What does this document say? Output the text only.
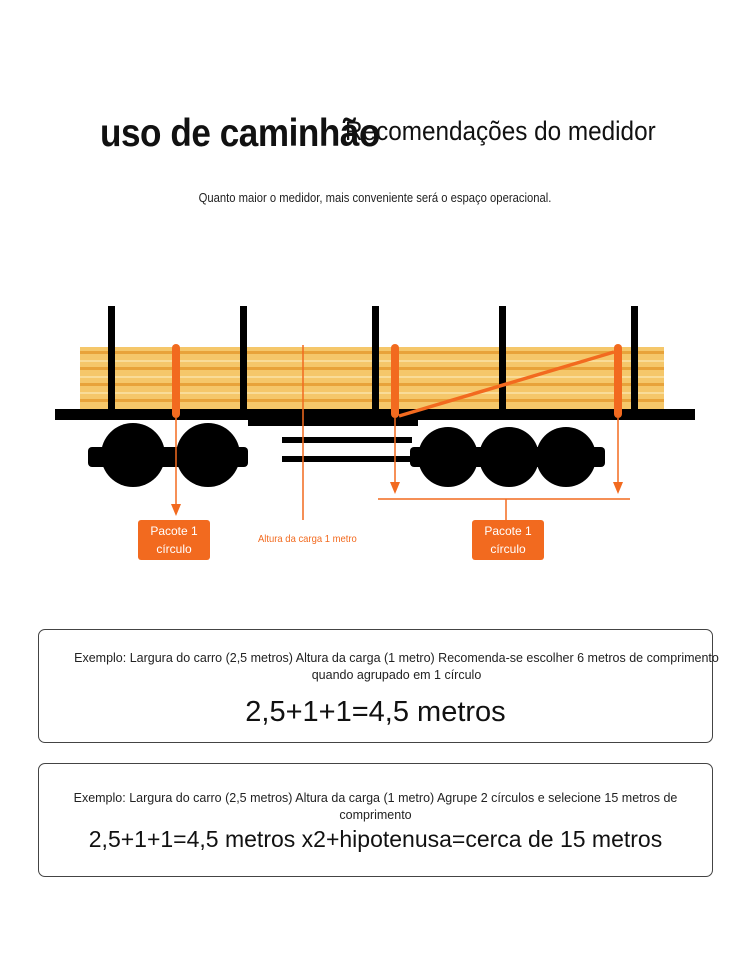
uso de caminhão
Recomendações do medidor
Quanto maior o medidor, mais conveniente será o espaço operacional.
Pacote 1 círculo
Altura da carga 1 metro
Pacote 1 círculo
Exemplo: Largura do carro (2,5 metros) Altura da carga (1 metro) Recomenda-se escolher 6 metros de comprimento quando agrupado em 1 círculo
2,5+1+1=4,5 metros
Exemplo: Largura do carro (2,5 metros) Altura da carga (1 metro) Agrupe 2 círculos e selecione 15 metros de comprimento
2,5+1+1=4,5 metros x2+hipotenusa=cerca de 15 metros
